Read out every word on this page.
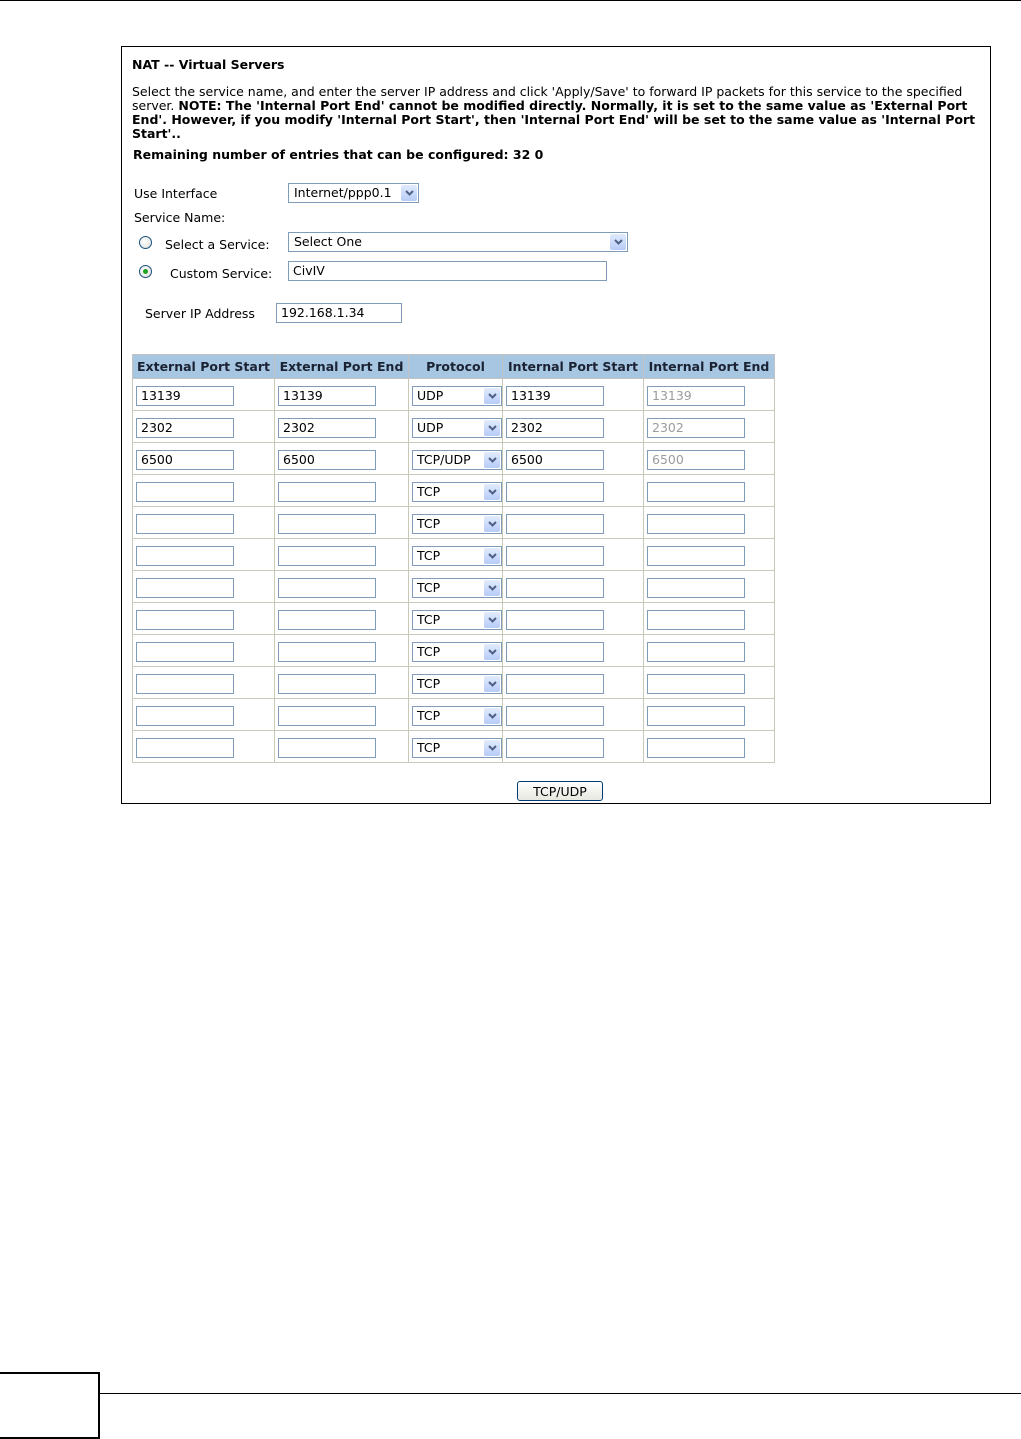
NAT -- Virtual Servers
Select the service name, and enter the server IP address and click 'Apply/Save' to forward IP packets for this service to the specified server. NOTE: The 'Internal Port End' cannot be modified directly. Normally, it is set to the same value as 'External Port End'. However, if you modify 'Internal Port Start', then 'Internal Port End' will be set to the same value as 'Internal Port Start'..
Remaining number of entries that can be configured: 32 0
Use Interface	Internet/ppp0.1
Service Name:
Select a Service:	Select One
Custom Service:	CivIV
Server IP Address	192.168.1.34
External Port Start	External Port End	Protocol	Internal Port Start	Internal Port End

13139	13139	UDP	13139	13139

2302	2302	UDP	2302	2302

6500	6500	TCP/UDP	6500	6500

		TCP		

		TCP		

		TCP		

		TCP		

		TCP		

		TCP		

		TCP		

		TCP		

		TCP		

TCP/UDP
